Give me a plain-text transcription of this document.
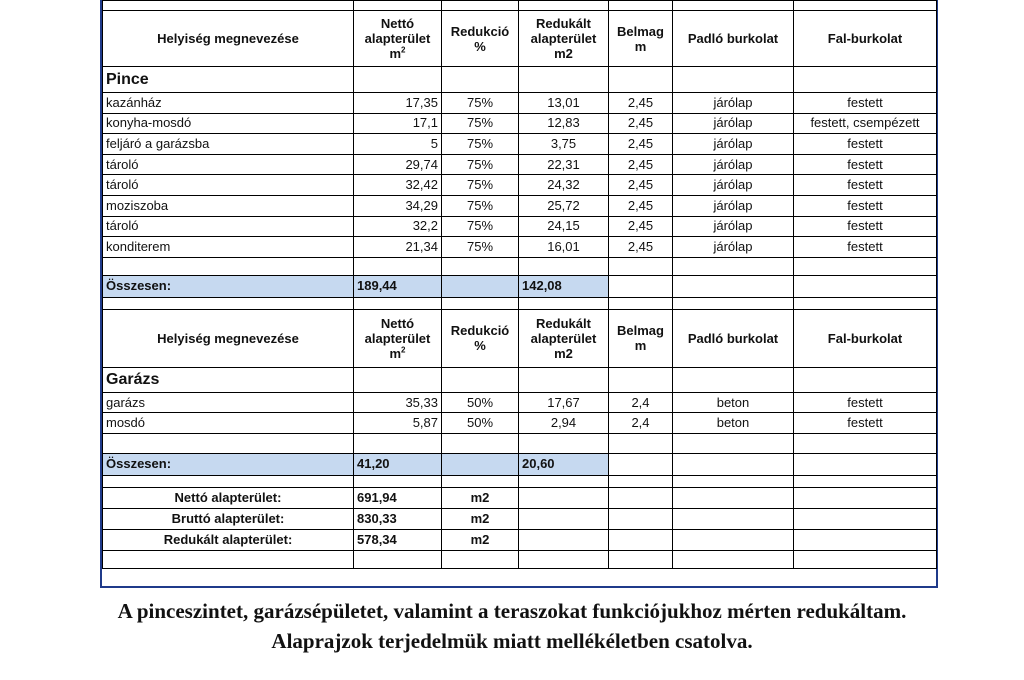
Helyiség megnevezése	Nettó alapterület $m^2$	Redukció %	Redukált alapterület m2	Belmag m	Padló burkolat	Fal-burkolat
Pince						
kazánház	17,35	75%	13,01	2,45	járólap	festett
konyha-mosdó	17,1	75%	12,83	2,45	járólap	festett, csempézett
feljáró a garázsba	5	75%	3,75	2,45	járólap	festett
tároló	29,74	75%	22,31	2,45	járólap	festett
tároló	32,42	75%	24,32	2,45	járólap	festett
moziszoba	34,29	75%	25,72	2,45	járólap	festett
tároló	32,2	75%	24,15	2,45	járólap	festett
konditerem	21,34	75%	16,01	2,45	járólap	festett

Összesen:	189,44		142,08			

Helyiség megnevezése	Nettó alapterület $m^2$	Redukció %	Redukált alapterület m2	Belmag m	Padló burkolat	Fal-burkolat
Garázs						
garázs	35,33	50%	17,67	2,4	beton	festett
mosdó	5,87	50%	2,94	2,4	beton	festett

Összesen:	41,20		20,60			

Nettó alapterület:	691,94	m2				
Bruttó alapterület:	830,33	m2				
Redukált alapterület:	578,34	m2				

A pinceszintet, garázsépületet, valamint a teraszokat funkciójukhoz mérten redukáltam.
Alaprajzok terjedelmük miatt mellékéletben csatolva.
